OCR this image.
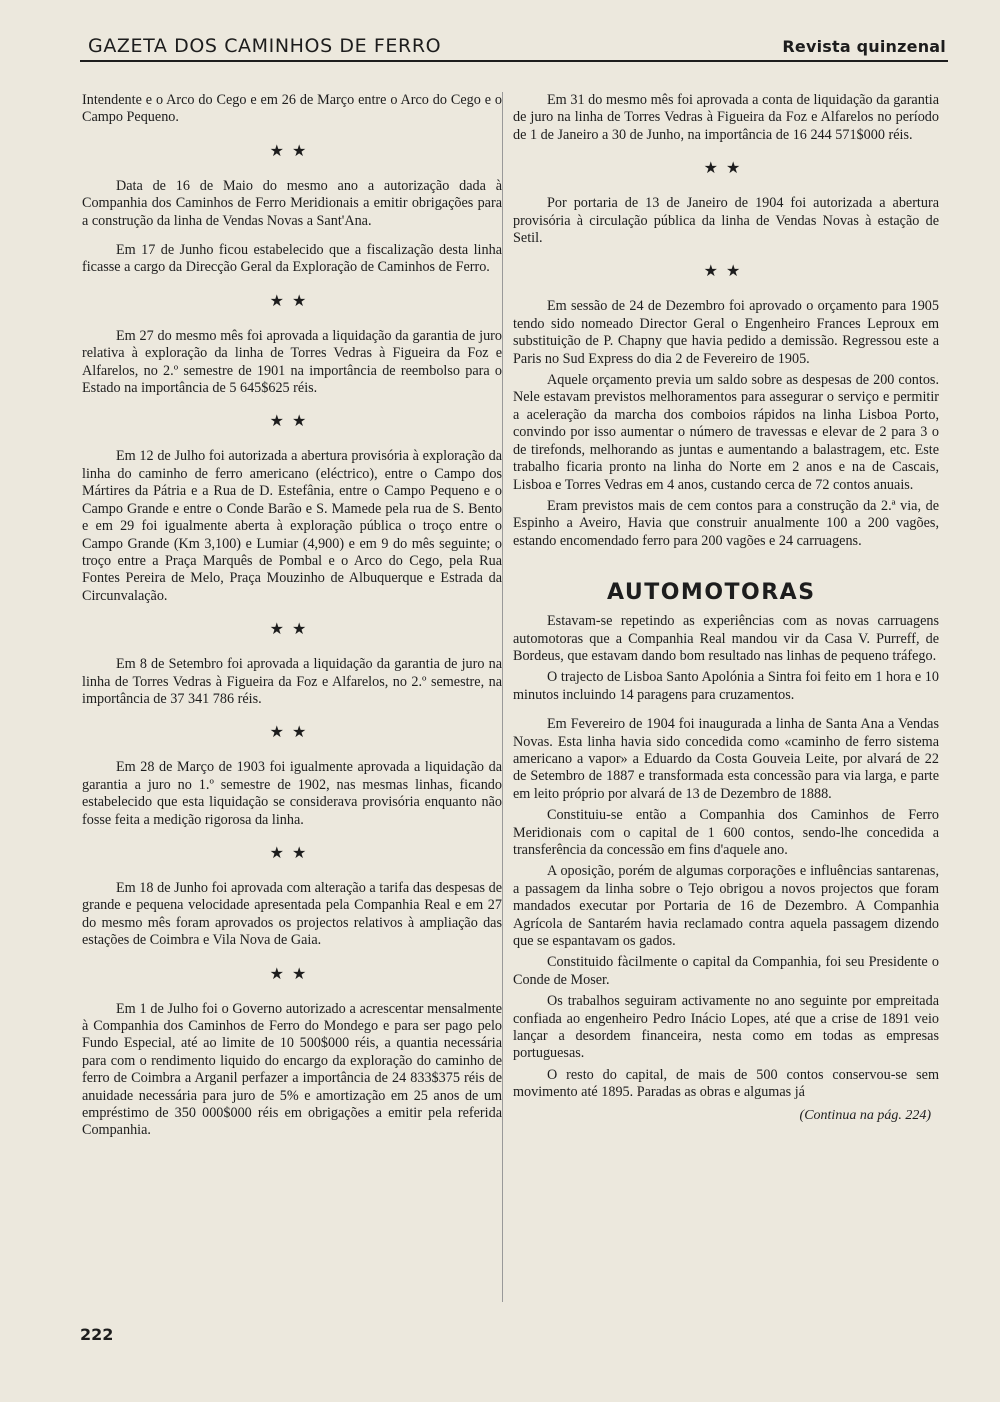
GAZETA DOS CAMINHOS DE FERRO	Revista quinzenal

Intendente e o Arco do Cego e em 26 de Março entre o Arco do Cego e o Campo Pequeno.

★★

Data de 16 de Maio do mesmo ano a autorização dada à Companhia dos Caminhos de Ferro Meridionais a emitir obrigações para a construção da linha de Vendas Novas a Sant'Ana.

Em 17 de Junho ficou estabelecido que a fiscalização desta linha ficasse a cargo da Direcção Geral da Exploração de Caminhos de Ferro.

★★

Em 27 do mesmo mês foi aprovada a liquidação da garantia de juro relativa à exploração da linha de Torres Vedras à Figueira da Foz e Alfarelos, no 2.º semestre de 1901 na importância de reembolso para o Estado na importância de 5 645$625 réis.

★★

Em 12 de Julho foi autorizada a abertura provisória à exploração da linha do caminho de ferro americano (eléctrico), entre o Campo dos Mártires da Pátria e a Rua de D. Estefânia, entre o Campo Pequeno e o Campo Grande e entre o Conde Barão e S. Mamede pela rua de S. Bento e em 29 foi igualmente aberta à exploração pública o troço entre o Campo Grande (Km 3,100) e Lumiar (4,900) e em 9 do mês seguinte; o troço entre a Praça Marquês de Pombal e o Arco do Cego, pela Rua Fontes Pereira de Melo, Praça Mouzinho de Albuquerque e Estrada da Circunvalação.

★★

Em 8 de Setembro foi aprovada a liquidação da garantia de juro na linha de Torres Vedras à Figueira da Foz e Alfarelos, no 2.º semestre, na importância de 37 341 786 réis.

★★

Em 28 de Março de 1903 foi igualmente aprovada a liquidação da garantia a juro no 1.º semestre de 1902, nas mesmas linhas, ficando estabelecido que esta liquidação se considerava provisória enquanto não fosse feita a medição rigorosa da linha.

★★

Em 18 de Junho foi aprovada com alteração a tarifa das despesas de grande e pequena velocidade apresentada pela Companhia Real e em 27 do mesmo mês foram aprovados os projectos relativos à ampliação das estações de Coimbra e Vila Nova de Gaia.

★★

Em 1 de Julho foi o Governo autorizado a acrescentar mensalmente à Companhia dos Caminhos de Ferro do Mondego e para ser pago pelo Fundo Especial, até ao limite de 10 500$000 réis, a quantia necessária para com o rendimento liquido do encargo da exploração do caminho de ferro de Coimbra a Arganil perfazer a importância de 24 833$375 réis de anuidade necessária para juro de 5% e amortização em 25 anos de um empréstimo de 350 000$000 réis em obrigações a emitir pela referida Companhia.

Em 31 do mesmo mês foi aprovada a conta de liquidação da garantia de juro na linha de Torres Vedras à Figueira da Foz e Alfarelos no período de 1 de Janeiro a 30 de Junho, na importância de 16 244 571$000 réis.

★★

Por portaria de 13 de Janeiro de 1904 foi autorizada a abertura provisória à circulação pública da linha de Vendas Novas à estação de Setil.

★★

Em sessão de 24 de Dezembro foi aprovado o orçamento para 1905 tendo sido nomeado Director Geral o Engenheiro Frances Leproux em substituição de P. Chapny que havia pedido a demissão. Regressou este a Paris no Sud Express do dia 2 de Fevereiro de 1905.

Aquele orçamento previa um saldo sobre as despesas de 200 contos. Nele estavam previstos melhoramentos para assegurar o serviço e permitir a aceleração da marcha dos comboios rápidos na linha Lisboa Porto, convindo por isso aumentar o número de travessas e elevar de 2 para 3 o de tirefonds, melhorando as juntas e aumentando a balastragem, etc. Este trabalho ficaria pronto na linha do Norte em 2 anos e na de Cascais, Lisboa e Torres Vedras em 4 anos, custando cerca de 72 contos anuais.

Eram previstos mais de cem contos para a construção da 2.ª via, de Espinho a Aveiro, Havia que construir anualmente 100 a 200 vagões, estando encomendado ferro para 200 vagões e 24 carruagens.

AUTOMOTORAS

Estavam-se repetindo as experiências com as novas carruagens automotoras que a Companhia Real mandou vir da Casa V. Purreff, de Bordeus, que estavam dando bom resultado nas linhas de pequeno tráfego.

O trajecto de Lisboa Santo Apolónia a Sintra foi feito em 1 hora e 10 minutos incluindo 14 paragens para cruzamentos.

Em Fevereiro de 1904 foi inaugurada a linha de Santa Ana a Vendas Novas. Esta linha havia sido concedida como «caminho de ferro sistema americano a vapor» a Eduardo da Costa Gouveia Leite, por alvará de 22 de Setembro de 1887 e transformada esta concessão para via larga, e parte em leito próprio por alvará de 13 de Dezembro de 1888.

Constituiu-se então a Companhia dos Caminhos de Ferro Meridionais com o capital de 1 600 contos, sendo-lhe concedida a transferência da concessão em fins d'aquele ano.

A oposição, porém de algumas corporações e influências santarenas, a passagem da linha sobre o Tejo obrigou a novos projectos que foram mandados executar por Portaria de 16 de Dezembro. A Companhia Agrícola de Santarém havia reclamado contra aquela passagem dizendo que se espantavam os gados.

Constituido fàcilmente o capital da Companhia, foi seu Presidente o Conde de Moser.

Os trabalhos seguiram activamente no ano seguinte por empreitada confiada ao engenheiro Pedro Inácio Lopes, até que a crise de 1891 veio lançar a desordem financeira, nesta como em todas as empresas portuguesas.

O resto do capital, de mais de 500 contos conservou-se sem movimento até 1895. Paradas as obras e algumas já

(Continua na pág. 224)
222
